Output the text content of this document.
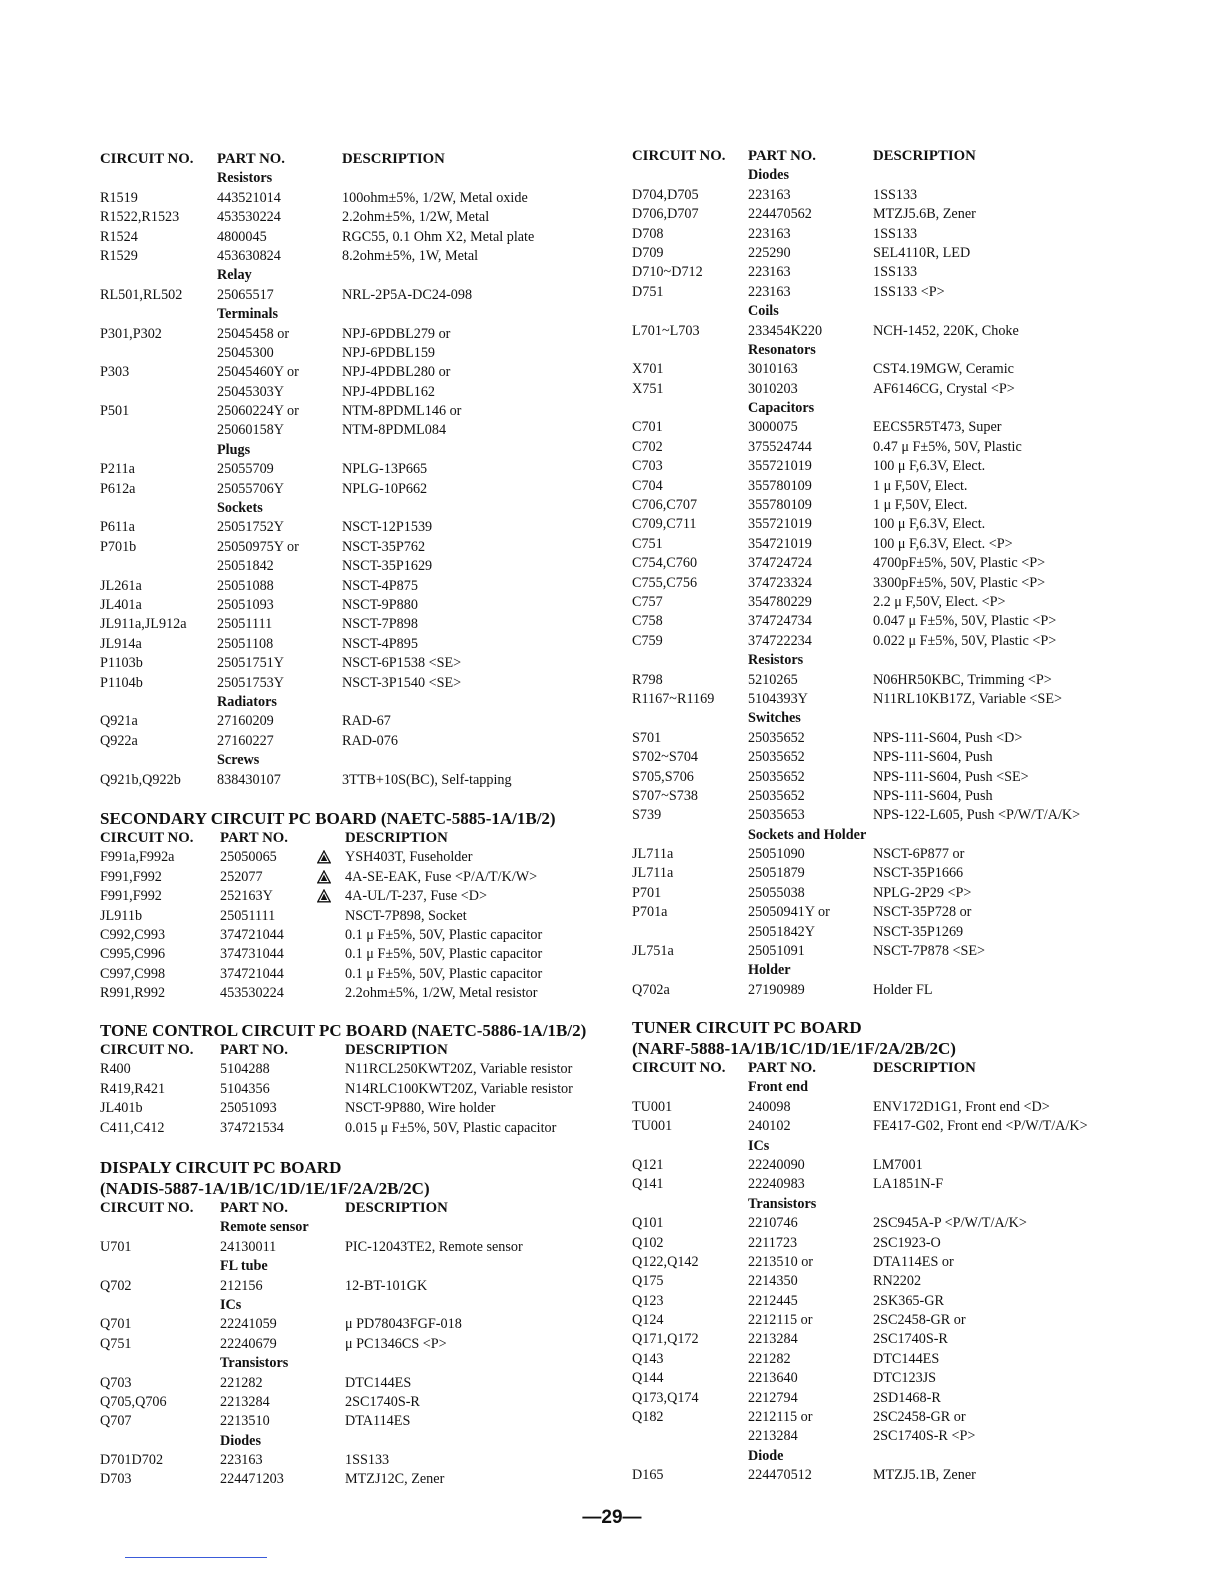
CIRCUIT NO. PART NO.	DESCRIPTION
Resistors
R1519	443521014	100ohm±5%, 1/2W, Metal oxide
R1522,R1523	453530224	2.2ohm±5%, 1/2W, Metal
R1524	4800045	RGC55, 0.1 Ohm X2, Metal plate
R1529	453630824	8.2ohm±5%, 1W, Metal
Relay
RL501,RL502 25065517	NRL-2P5A-DC24-098
Terminals
P301,P302	25045458 or	NPJ-6PDBL279 or
25045300	NPJ-6PDBL159
P303	25045460Y or	NPJ-4PDBL280 or
25045303Y	NPJ-4PDBL162
P501	25060224Y or	NTM-8PDML146 or
25060158Y	NTM-8PDML084
Plugs
P211a	25055709	NPLG-13P665
P612a	25055706Y	NPLG-10P662
Sockets
P611a	25051752Y	NSCT-12P1539
P701b	25050975Y or	NSCT-35P762
25051842	NSCT-35P1629
JL261a	25051088	NSCT-4P875
JL401a	25051093	NSCT-9P880
JL911a,JL912a 25051111	NSCT-7P898
JL914a	25051108	NSCT-4P895
P1103b	25051751Y	NSCT-6P1538 <SE>
P1104b	25051753Y	NSCT-3P1540 <SE>
Radiators
Q921a	27160209	RAD-67
Q922a	27160227	RAD-076
Screws
Q921b,Q922b	838430107	3TTB+10S(BC), Self-tapping
SECONDARY CIRCUIT PC BOARD (NAETC-5885-1A/1B/2)
CIRCUIT NO. PART NO.	DESCRIPTION
F991a,F992a	25050065	YSH403T, Fuseholder
F991,F992	252077	4A-SE-EAK, Fuse <P/A/T/K/W>
F991,F992	252163Y	4A-UL/T-237, Fuse <D>
JL911b	25051111	NSCT-7P898, Socket
C992,C993	374721044	0.1 μ F±5%, 50V, Plastic capacitor
C995,C996	374731044	0.1 μ F±5%, 50V, Plastic capacitor
C997,C998	374721044	0.1 μ F±5%, 50V, Plastic capacitor
R991,R992	453530224	2.2ohm±5%, 1/2W, Metal resistor
TONE CONTROL CIRCUIT PC BOARD (NAETC-5886-1A/1B/2)
CIRCUIT NO. PART NO.	DESCRIPTION
R400	5104288	N11RCL250KWT20Z, Variable resistor
R419,R421	5104356	N14RLC100KWT20Z, Variable resistor
JL401b	25051093	NSCT-9P880, Wire holder
C411,C412	374721534	0.015 μ F±5%, 50V, Plastic capacitor
DISPALY CIRCUIT PC BOARD
(NADIS-5887-1A/1B/1C/1D/1E/1F/2A/2B/2C)
CIRCUIT NO. PART NO.	DESCRIPTION
Remote sensor
U701	24130011	PIC-12043TE2, Remote sensor
FL tube
Q702	212156	12-BT-101GK
ICs
Q701	22241059	μ PD78043FGF-018
Q751	22240679	μ PC1346CS <P>
Transistors
Q703	221282	DTC144ES
Q705,Q706	2213284	2SC1740S-R
Q707	2213510	DTA114ES
Diodes
D701D702	223163	1SS133
D703	224471203	MTZJ12C, Zener
CIRCUIT NO. PART NO.	DESCRIPTION
Diodes
D704,D705	223163	1SS133
D706,D707	224470562	MTZJ5.6B, Zener
D708	223163	1SS133
D709	225290	SEL4110R, LED
D710~D712	223163	1SS133
D751	223163	1SS133 <P>
Coils
L701~L703	233454K220	NCH-1452, 220K, Choke
Resonators
X701	3010163	CST4.19MGW, Ceramic
X751	3010203	AF6146CG, Crystal <P>
Capacitors
C701	3000075	EECS5R5T473, Super
C702	375524744	0.47 μ F±5%, 50V, Plastic
C703	355721019	100 μ F,6.3V, Elect.
C704	355780109	1 μ F,50V, Elect.
C706,C707	355780109	1 μ F,50V, Elect.
C709,C711	355721019	100 μ F,6.3V, Elect.
C751	354721019	100 μ F,6.3V, Elect. <P>
C754,C760	374724724	4700pF±5%, 50V, Plastic <P>
C755,C756	374723324	3300pF±5%, 50V, Plastic <P>
C757	354780229	2.2 μ F,50V, Elect. <P>
C758	374724734	0.047 μ F±5%, 50V, Plastic <P>
C759	374722234	0.022 μ F±5%, 50V, Plastic <P>
Resistors
R798	5210265	N06HR50KBC, Trimming <P>
R1167~R1169 5104393Y	N11RL10KB17Z, Variable <SE>
Switches
S701	25035652	NPS-111-S604, Push <D>
S702~S704	25035652	NPS-111-S604, Push
S705,S706	25035652	NPS-111-S604, Push <SE>
S707~S738	25035652	NPS-111-S604, Push
S739	25035653	NPS-122-L605, Push <P/W/T/A/K>
Sockets and Holder
JL711a	25051090	NSCT-6P877 or
JL711a	25051879	NSCT-35P1666
P701	25055038	NPLG-2P29 <P>
P701a	25050941Y or	NSCT-35P728 or
25051842Y	NSCT-35P1269
JL751a	25051091	NSCT-7P878 <SE>
Holder
Q702a	27190989	Holder FL
TUNER CIRCUIT PC BOARD
(NARF-5888-1A/1B/1C/1D/1E/1F/2A/2B/2C)
CIRCUIT NO. PART NO.	DESCRIPTION
Front end
TU001	240098	ENV172D1G1, Front end <D>
TU001	240102	FE417-G02, Front end <P/W/T/A/K>
ICs
Q121	22240090	LM7001
Q141	22240983	LA1851N-F
Transistors
Q101	2210746	2SC945A-P <P/W/T/A/K>
Q102	2211723	2SC1923-O
Q122,Q142	2213510 or	DTA114ES or
Q175	2214350	RN2202
Q123	2212445	2SK365-GR
Q124	2212115 or	2SC2458-GR or
Q171,Q172	2213284	2SC1740S-R
Q143	221282	DTC144ES
Q144	2213640	DTC123JS
Q173,Q174	2212794	2SD1468-R
Q182	2212115 or	2SC2458-GR or
2213284	2SC1740S-R <P>
Diode
D165	224470512	MTZJ5.1B, Zener
—29—
